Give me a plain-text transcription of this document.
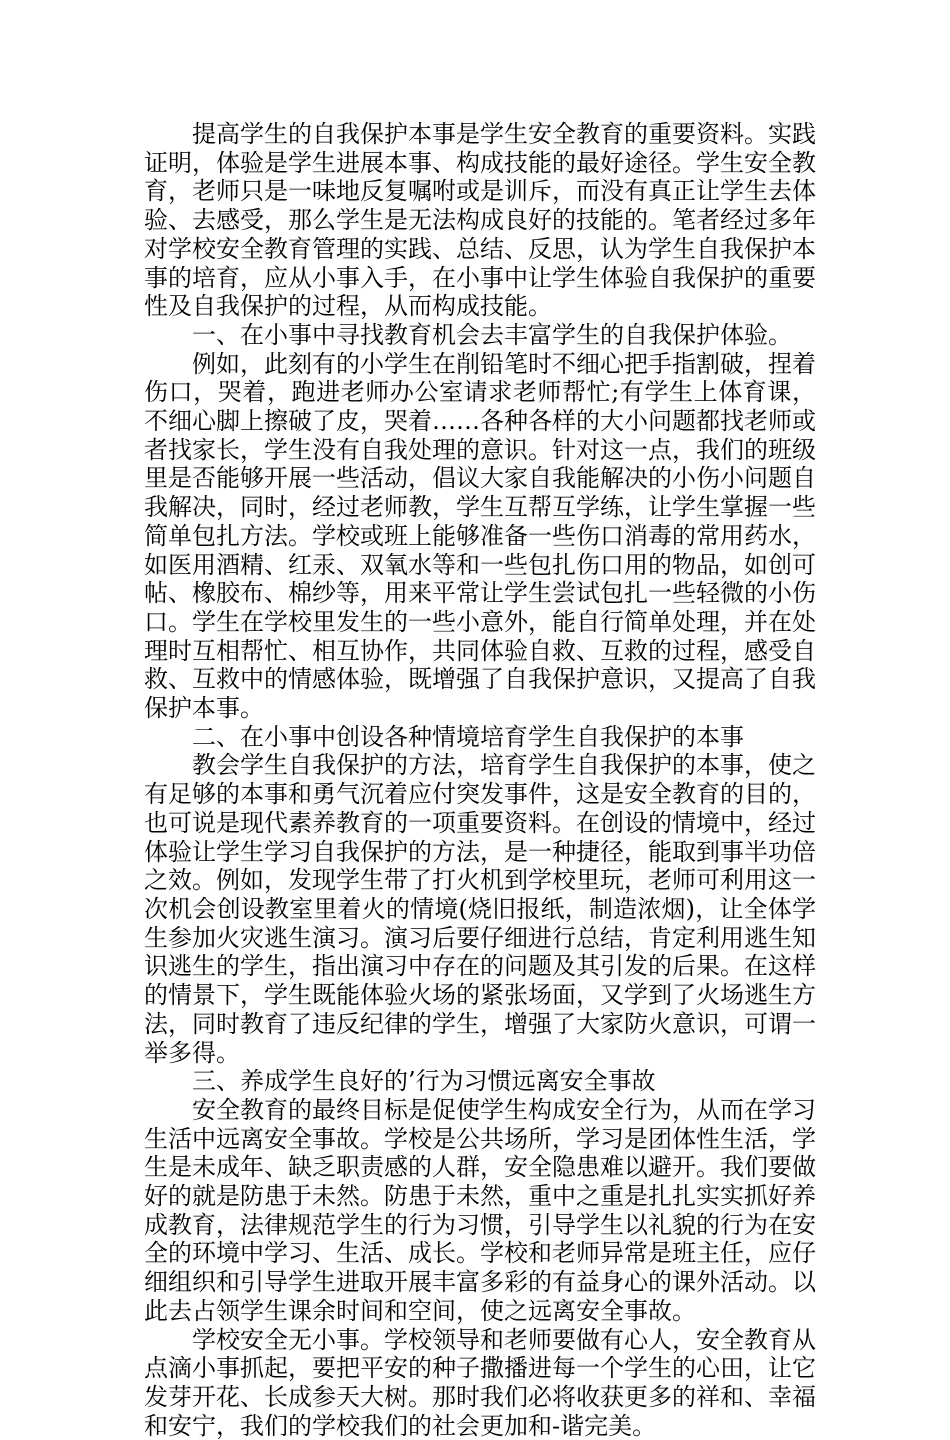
提高学生的自我保护本事是学生安全教育的重要资料。实践证明，体验是学生进展本事、构成技能的最好途径。学生安全教育，老师只是一味地反复嘱咐或是训斥，而没有真正让学生去体验、去感受，那么学生是无法构成良好的技能的。笔者经过多年对学校安全教育管理的实践、总结、反思，认为学生自我保护本事的培育，应从小事入手，在小事中让学生体验自我保护的重要性及自我保护的过程，从而构成技能。

一、在小事中寻找教育机会去丰富学生的自我保护体验。

例如，此刻有的小学生在削铅笔时不细心把手指割破，捏着伤口，哭着，跑进老师办公室请求老师帮忙;有学生上体育课，不细心脚上擦破了皮，哭着……各种各样的大小问题都找老师或者找家长，学生没有自我处理的意识。针对这一点，我们的班级里是否能够开展一些活动，倡议大家自我能解决的小伤小问题自我解决，同时，经过老师教，学生互帮互学练，让学生掌握一些简单包扎方法。学校或班上能够准备一些伤口消毒的常用药水，如医用酒精、红汞、双氧水等和一些包扎伤口用的物品，如创可帖、橡胶布、棉纱等，用来平常让学生尝试包扎一些轻微的小伤口。学生在学校里发生的一些小意外，能自行简单处理，并在处理时互相帮忙、相互协作，共同体验自救、互救的过程，感受自救、互救中的情感体验，既增强了自我保护意识，又提高了自我保护本事。

二、在小事中创设各种情境培育学生自我保护的本事

教会学生自我保护的方法，培育学生自我保护的本事，使之有足够的本事和勇气沉着应付突发事件，这是安全教育的目的，也可说是现代素养教育的一项重要资料。在创设的情境中，经过体验让学生学习自我保护的方法，是一种捷径，能取到事半功倍之效。例如，发现学生带了打火机到学校里玩，老师可利用这一次机会创设教室里着火的情境(烧旧报纸，制造浓烟)，让全体学生参加火灾逃生演习。演习后要仔细进行总结，肯定利用逃生知识逃生的学生，指出演习中存在的问题及其引发的后果。在这样的情景下，学生既能体验火场的紧张场面，又学到了火场逃生方法，同时教育了违反纪律的学生，增强了大家防火意识，可谓一举多得。

三、养成学生良好的’行为习惯远离安全事故

安全教育的最终目标是促使学生构成安全行为，从而在学习生活中远离安全事故。学校是公共场所，学习是团体性生活，学生是未成年、缺乏职责感的人群，安全隐患难以避开。我们要做好的就是防患于未然。防患于未然，重中之重是扎扎实实抓好养成教育，法律规范学生的行为习惯，引导学生以礼貌的行为在安全的环境中学习、生活、成长。学校和老师异常是班主任，应仔细组织和引导学生进取开展丰富多彩的有益身心的课外活动。以此去占领学生课余时间和空间，使之远离安全事故。

学校安全无小事。学校领导和老师要做有心人，安全教育从点滴小事抓起，要把平安的种子撒播进每一个学生的心田，让它发芽开花、长成参天大树。那时我们必将收获更多的祥和、幸福和安宁，我们的学校我们的社会更加和-谐完美。
